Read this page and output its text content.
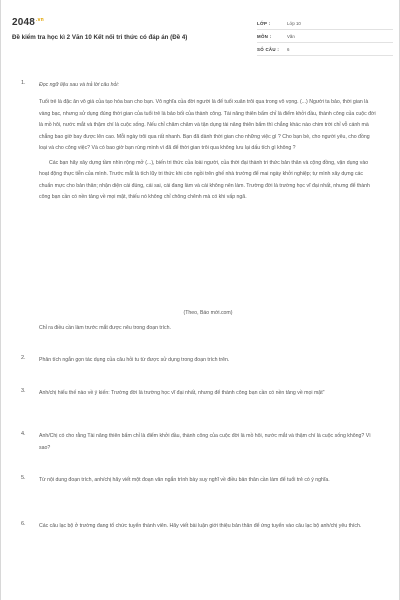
$2048^{.vn}$
Đề kiểm tra học kì 2 Văn 10 Kết nối tri thức có đáp án (Đề 4)
LỚP :	Lớp 10
MÔN :	Văn
SỐ CÂU :	6
1.	Đọc ngữ liệu sau và trả lời câu hỏi:
Tuổi trẻ là đặc ân vô giá của tạo hóa ban cho bạn. Vô nghĩa của đời người là để tuổi xuân trôi qua trong vô vọng. (...) Người ta bảo, thời gian là vàng bạc, nhưng sử dụng đúng thời gian của tuổi trẻ là bảo bối của thành công. Tài năng thiên bẩm chỉ là điểm khởi đầu, thành công của cuộc đời là mồ hôi, nước mắt và thậm chí là cuộc sống. Nếu chỉ chăm chăm và tận dụng tài năng thiên bẩm thì chẳng khác nào chim trời chỉ vỗ cánh mà chẳng bao giờ bay được lên cao. Mỗi ngày trôi qua rất nhanh. Bạn đã dành thời gian cho những việc gì ? Cho bạn bè, cho người yêu, cho đồng loại và cho công việc? Và có bao giờ bạn rùng mình vì đã để thời gian trôi qua không lưu lại dấu tích gì không ?
Các bạn hãy xây dựng tầm nhìn rộng mở (...), biến tri thức của loài người, của thời đại thành tri thức bản thân và cộng đồng, vận dụng vào hoạt động thực tiễn của mình. Trước mắt là tích lũy tri thức khi còn ngồi trên ghế nhà trường để mai ngày khởi nghiệp; tự mình xây dựng các chuẩn mực cho bản thân; nhận diện cái đúng, cái sai, cái đang làm và cái không nên làm. Trường đời là trường học vĩ đại nhất, nhưng để thành công bạn cần có nền tảng về mọi mặt, thiếu nó không chỉ chông chênh mà có khi vấp ngã.
(Theo, Báo mới.com)
Chỉ ra điều cần làm trước mắt được nêu trong đoạn trích.
2.	Phân tích ngắn gọn tác dụng của câu hỏi tu từ được sử dụng trong đoạn trích trên.
3.	Anh/chị hiểu thế nào về ý kiến: Trường đời là trường học vĩ đại nhất, nhưng để thành công bạn cần có nền tảng về mọi mặt"
4.	Anh/Chị có cho rằng Tài năng thiên bẩm chỉ là điểm khởi đầu, thành công của cuộc đời là mồ hôi, nước mắt và thậm chí là cuộc sống không? Vì sao?
5.	Từ nội dung đoạn trích, anh/chị hãy viết một đoạn văn ngắn trình bày suy nghĩ về điều bản thân cần làm để tuổi trẻ có ý nghĩa.
6.	Các câu lạc bộ ở trường đang tổ chức tuyển thành viên. Hãy viết bài luận giới thiệu bản thân để ứng tuyển vào câu lạc bộ anh/chị yêu thích.
